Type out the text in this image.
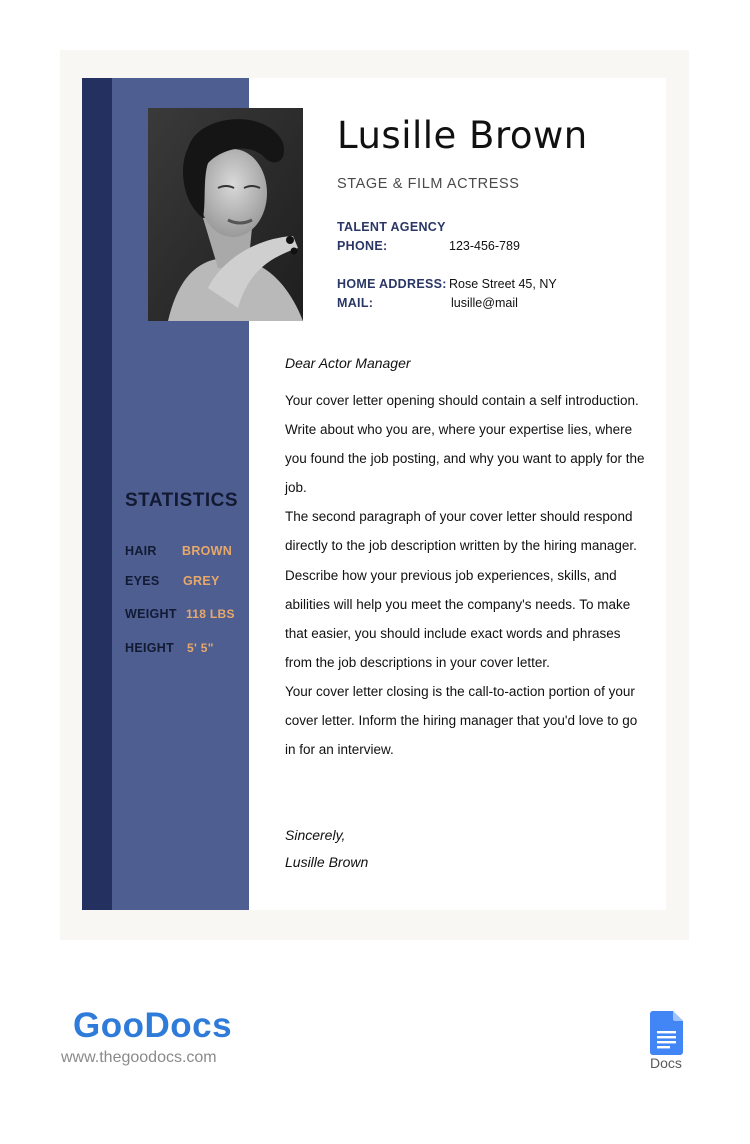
Lusille Brown
STAGE & FILM ACTRESS
TALENT AGENCY
PHONE:	123-456-789
HOME ADDRESS: Rose Street 45, NY
MAIL:	lusille@mail
STATISTICS
HAIR BROWN
EYES GREY
WEIGHT 118 LBS
HEIGHT 5' 5"
Dear Actor Manager

Your cover letter opening should contain a self introduction. Write about who you are, where your expertise lies, where you found the job posting, and why you want to apply for the job.

The second paragraph of your cover letter should respond directly to the job description written by the hiring manager. Describe how your previous job experiences, skills, and abilities will help you meet the company's needs. To make that easier, you should include exact words and phrases from the job descriptions in your cover letter.

Your cover letter closing is the call-to-action portion of your cover letter. Inform the hiring manager that you'd love to go in for an interview.

Sincerely,
Lusille Brown
GooDocs
www.thegoodocs.com	Docs
